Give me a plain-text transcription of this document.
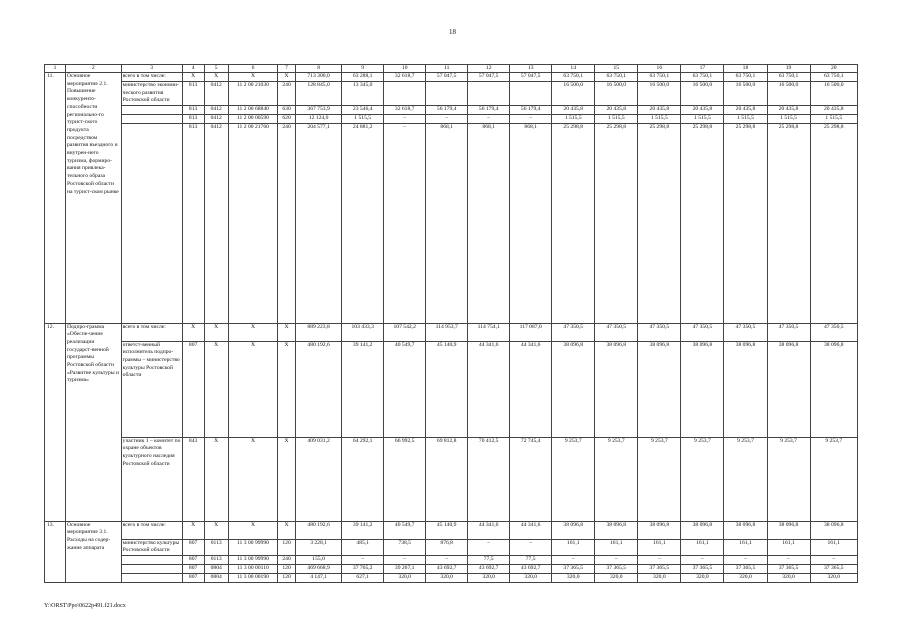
18
1	2	3	4	5	6	7	8	9	10	11	12	13	14	15	16	17	18	19	20
11.	Основное мероприятие 2.1. Повышение конкуренто-способности регионально-го турист-ского продукта посредством развития въездного и внутрен-него туризма, формиро-вания привлека-тельного образа Ростовской области на турист-ском рынке	всего в том числе:	X	X	X	X	713 300,0	63 288,1	32 618,7	57 047,5	57 047,5	57 047,5	63 750,1	63 750,1	63 750,1	63 750,1	63 750,1	63 750,1	63 750,1
		министерство экономи-ческого развития Ростовской области	813	0412	11 2 00 21030	240	128 845,0	13 345,0					16 500,0	16 500,0	16 500,0	16 500,0	16 500,0	16 500,0	16 500,0
			813	0412	11 2 00 68840	630	367 753,9	23 546,4	32 618,7	56 179,4	56 179,4	56 179,4	20 435,8	20 435,8	20 435,8	20 435,8	20 435,8	20 435,8	20 435,8
			813	0412	11 2 00 00590	620	12 124,0	1 515,5	–	–	–	–	1 515,5	1 515,5	1 515,5	1 515,5	1 515,5	1 515,5	1 515,5
			813	0412	11 2 00 21760	240	204 577,1	24 881,2	–	868,1	868,1	868,1	25 298,8	25 298,8	25 298,8	25 298,8	25 298,8	25 298,8	25 298,8
12.	Подпро-грамма «Обеспе-чение реализации государст-венной программы Ростовской области «Развитие культуры и туризма»	всего в том числе:	X	X	X	X	889 223,8	103 433,3	107 542,2	114 953,7	114 754,1	117 087,0	47 350,5	47 350,5	47 350,5	47 350,5	47 350,5	47 350,5	47 350,5
		ответст-венный исполнитель подпро-граммы – министерство культуры Ростовской области	807	X	X	X	480 192,6	39 141,2	40 549,7	45 140,9	44 341,6	44 341,6	38 096,8	38 096,8	38 096,8	38 096,8	38 096,8	38 096,8	38 096,8
		участник 1 – комитет по охране объектов культурного наследия Ростовской области	843	X	X	X	409 031,2	64 292,1	66 992,5	69 812,8	70 412,5	72 745,4	9 253,7	9 253,7	9 253,7	9 253,7	9 253,7	9 253,7	9 253,7
13.	Основное мероприятие 3.1. Расходы на содер-жание аппарата	всего в том числе:	X	X	X	X	480 192,6	39 141,2	40 549,7	45 140,9	44 341,6	44 341,6	38 096,8	38 096,8	38 096,8	38 096,8	38 096,8	38 096,8	38 096,8
		министерство культуры Ростовской области	807	0113	11 3 00 99990	120	3 228,1	485,1	738,5	876,8	–	–	161,1	161,1	161,1	161,1	161,1	161,1	161,1
			807	0113	11 3 00 99990	240	155,0	–	–	–	77,5	77,5	–	–	–	–	–	–	–
			807	0804	11 3 00 00110	120	469 668,9	37 765,2	39 267,1	43 692,7	43 692,7	43 692,7	37 365,5	37 365,5	37 365,5	37 365,5	37 365,5	37 365,5	37 365,5
			807	0804	11 3 00 00190	120	4 147,1	627,1	320,0	320,0	320,0	320,0	320,0	320,0	320,0	320,0	320,0	320,0	320,0
Y:\ORST\Ppo\0622p491.f21.docx
